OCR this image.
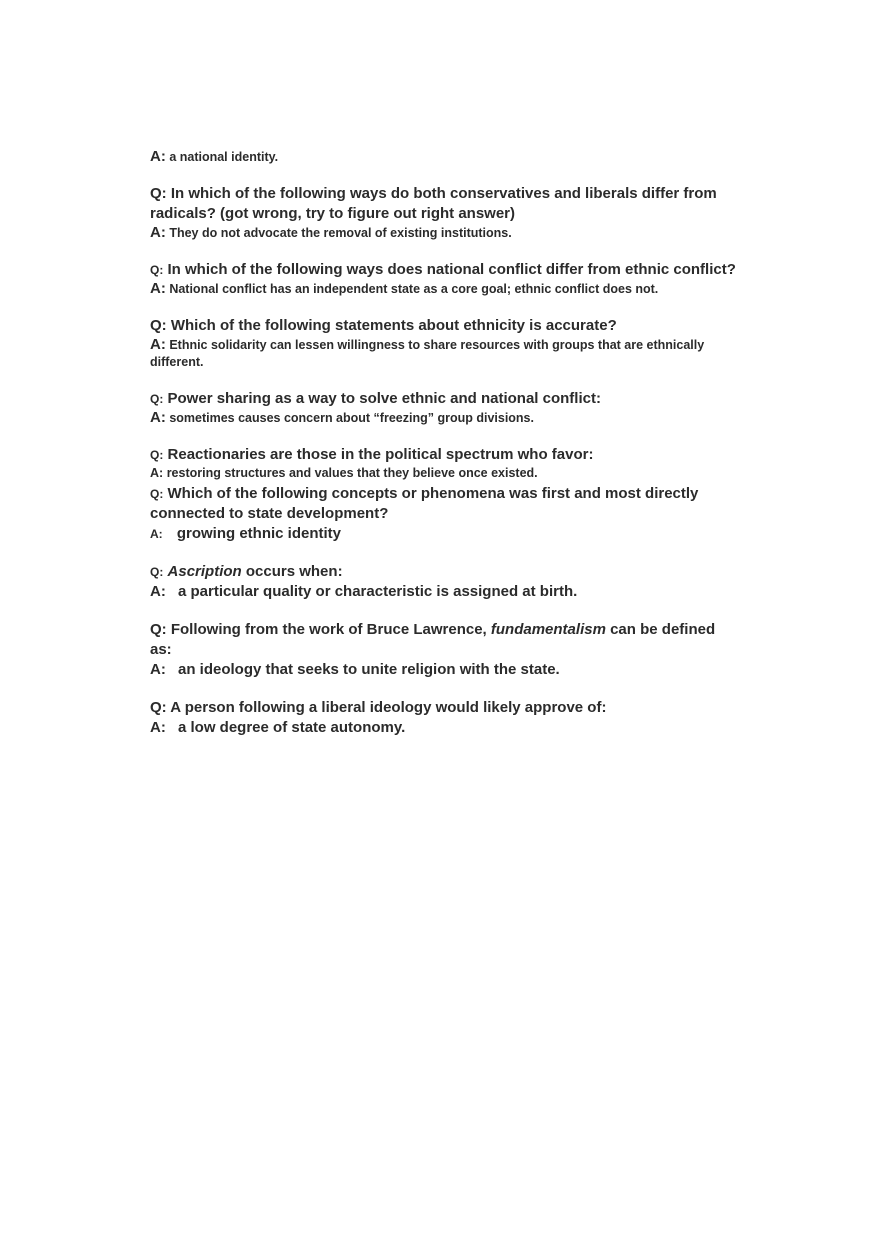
A: a national identity.

Q: In which of the following ways do both conservatives and liberals differ from radicals? (got wrong, try to figure out right answer)

A: They do not advocate the removal of existing institutions.

Q: In which of the following ways does national conflict differ from ethnic conflict?

A: National conflict has an independent state as a core goal; ethnic conflict does not.

Q: Which of the following statements about ethnicity is accurate?

A: Ethnic solidarity can lessen willingness to share resources with groups that are ethnically different.

Q: Power sharing as a way to solve ethnic and national conflict:

A: sometimes causes concern about “freezing” group divisions.

Q: Reactionaries are those in the political spectrum who favor:

A: restoring structures and values that they believe once existed.

Q: Which of the following concepts or phenomena was first and most directly connected to state development?

A: growing ethnic identity

Q: Ascription occurs when:

A: a particular quality or characteristic is assigned at birth.

Q: Following from the work of Bruce Lawrence, fundamentalism can be defined as:

A: an ideology that seeks to unite religion with the state.

Q: A person following a liberal ideology would likely approve of:

A: a low degree of state autonomy.
